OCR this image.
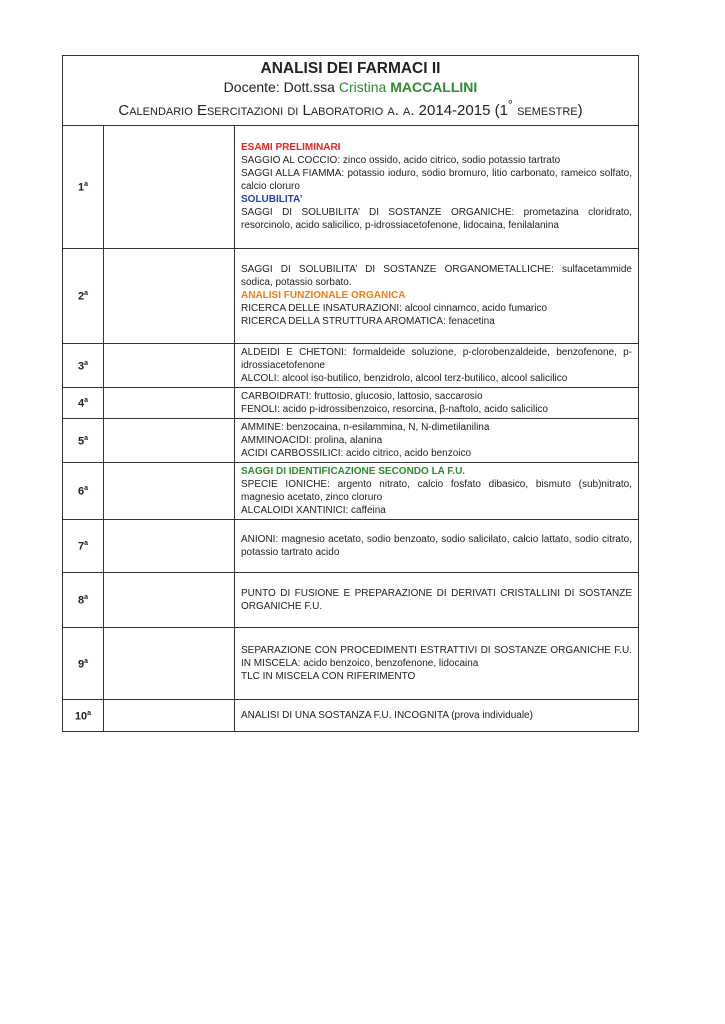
ANALISI DEI FARMACI II
Docente: Dott.ssa Cristina MACCALLINI
Calendario Esercitazioni di Laboratorio a. a. 2014-2015 (1° semestre)
1$^a$		ESAMI PRELIMINARI
SAGGIO AL COCCIO: zinco ossido, acido citrico, sodio potassio tartrato
SAGGI ALLA FIAMMA: potassio ioduro, sodio bromuro, litio carbonato, rameico solfato, calcio cloruro
SOLUBILITA’
SAGGI DI SOLUBILITA’ DI SOSTANZE ORGANICHE: prometazina cloridrato, resorcinolo, acido salicilico, p-idrossiacetofenone, lidocaina, fenilalanina

2$^a$		SAGGI DI SOLUBILITA’ DI SOSTANZE ORGANOMETALLICHE: sulfacetammide sodica, potassio sorbato.
ANALISI FUNZIONALE ORGANICA
RICERCA DELLE INSATURAZIONI: alcool cinnamco, acido fumarico
RICERCA DELLA STRUTTURA AROMATICA: fenacetina

3$^a$		ALDEIDI E CHETONI: formaldeide soluzione, p-clorobenzaldeide, benzofenone, p-idrossiacetofenone
ALCOLI: alcool iso-butilico, benzidrolo, alcool terz-butilico, alcool salicilico

4$^a$		CARBOIDRATI: fruttosio, glucosio, lattosio, saccarosio
FENOLI: acido p-idrossibenzoico, resorcina, β-naftolo, acido salicilico

5$^a$		AMMINE: benzocaina, n-esilammina, N, N-dimetilanilina
AMMINOACIDI: prolina, alanina
ACIDI CARBOSSILICI: acido citrico, acido benzoico

6$^a$		SAGGI DI IDENTIFICAZIONE SECONDO LA F.U.
SPECIE IONICHE: argento nitrato, calcio fosfato dibasico, bismuto (sub)nitrato, magnesio acetato, zinco cloruro
ALCALOIDI XANTINICI: caffeina

7$^a$		ANIONI: magnesio acetato, sodio benzoato, sodio salicilato, calcio lattato, sodio citrato, potassio tartrato acido

8$^a$		PUNTO DI FUSIONE E PREPARAZIONE DI DERIVATI CRISTALLINI DI SOSTANZE ORGANICHE F.U.

9$^a$		SEPARAZIONE CON PROCEDIMENTI ESTRATTIVI DI SOSTANZE ORGANICHE F.U. IN MISCELA: acido benzoico, benzofenone, lidocaina
TLC IN MISCELA CON RIFERIMENTO

10$^a$		ANALISI DI UNA SOSTANZA F.U. INCOGNITA (prova individuale)
